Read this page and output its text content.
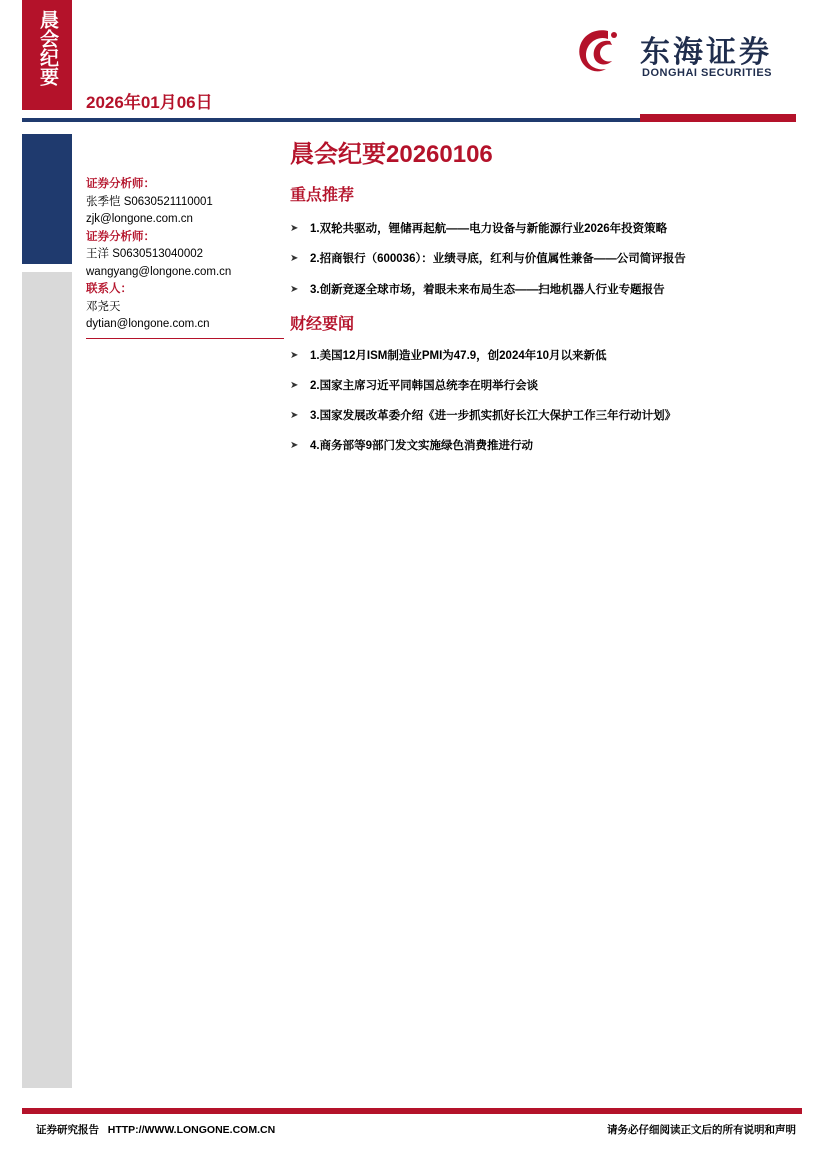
晨会纪要
2026年01月06日
东海证券
DONGHAI SECURITIES
晨会纪要20260106
证券分析师：
张季恺 S0630521110001
zjk@longone.com.cn
证券分析师：
王洋 S0630513040002
wangyang@longone.com.cn
联系人：
邓尧天
dytian@longone.com.cn
重点推荐
➤ 1.双轮共驱动，锂储再起航——电力设备与新能源行业2026年投资策略
➤ 2.招商银行（600036）：业绩寻底，红利与价值属性兼备——公司简评报告
➤ 3.创新竞逐全球市场，着眼未来布局生态——扫地机器人行业专题报告
财经要闻
➤ 1.美国12月ISM制造业PMI为47.9，创2024年10月以来新低
➤ 2.国家主席习近平同韩国总统李在明举行会谈
➤ 3.国家发展改革委介绍《进一步抓实抓好长江大保护工作三年行动计划》
➤ 4.商务部等9部门发文实施绿色消费推进行动
证券研究报告   HTTP://WWW.LONGONE.COM.CN	请务必仔细阅读正文后的所有说明和声明
